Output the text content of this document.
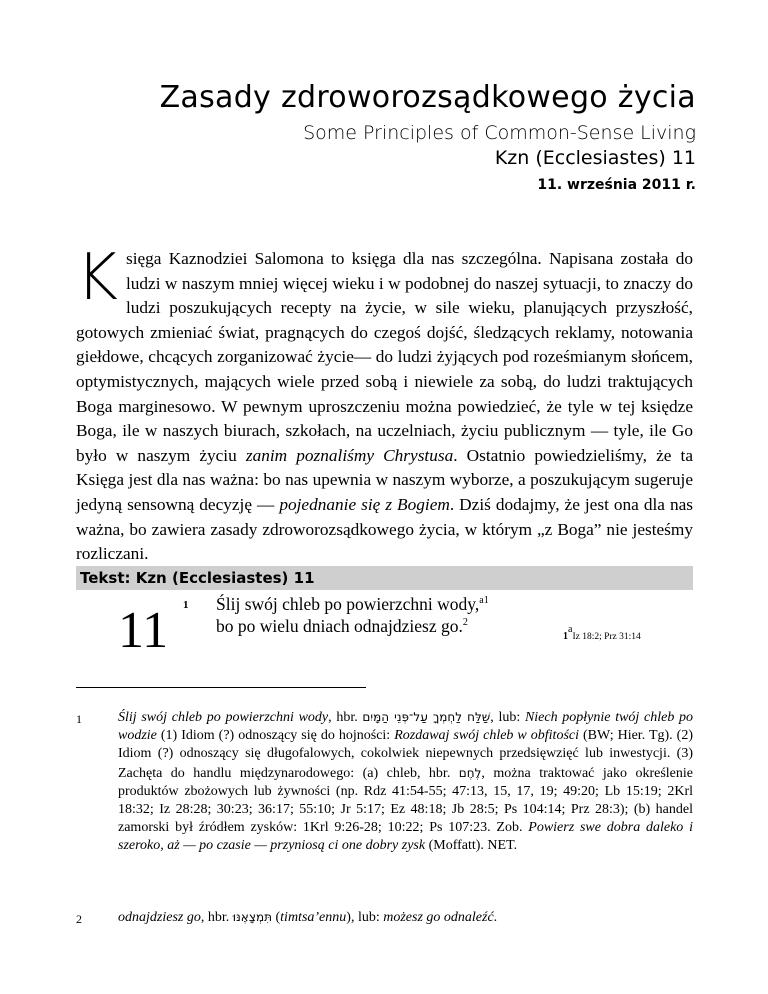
Zasady zdroworozsądkowego życia
Some Principles of Common-Sense Living
Kzn (Ecclesiastes) 11
11. września 2011 r.
Księga Kaznodziei Salomona to księga dla nas szczególna. Napisana została do ludzi w naszym mniej więcej wieku i w podobnej do naszej sytuacji, to znaczy do ludzi poszukujących recepty na życie, w sile wieku, planujących przyszłość, gotowych zmieniać świat, pragnących do czegoś dojść, śledzących reklamy, notowania giełdowe, chcących zorganizować życie— do ludzi żyjących pod roześmianym słońcem, optymistycznych, mających wiele przed sobą i niewiele za sobą, do ludzi traktujących Boga marginesowo. W pewnym uproszczeniu można powiedzieć, że tyle w tej księdze Boga, ile w naszych biurach, szkołach, na uczelniach, życiu publicznym — tyle, ile Go było w naszym życiu zanim poznaliśmy Chrystusa. Ostatnio powiedzieliśmy, że ta Księga jest dla nas ważna: bo nas upewnia w naszym wyborze, a poszukującym sugeruje jedyną sensowną decyzję — pojednanie się z Bogiem. Dziś dodajmy, że jest ona dla nas ważna, bo zawiera zasady zdroworozsądkowego życia, w którym „z Boga” nie jesteśmy rozliczani.
Tekst: Kzn (Ecclesiastes) 11
11 1 Ślij swój chleb po powierzchni wody,$^{a1}$
bo po wielu dniach odnajdziesz go.$^2$
1$^a$Iz 18:2; Prz 31:14
1	Ślij swój chleb po powierzchni wody, hbr. שַׁלַּח לַחְמְךָ עַל־פְּנֵי הַמָּיִם, lub: Niech popłynie twój chleb po wodzie (1) Idiom (?) odnoszący się do hojności: Rozdawaj swój chleb w obfitości (BW; Hier. Tg). (2) Idiom (?) odnoszący się długofalowych, cokolwiek niepewnych przedsięwzięć lub inwestycji. (3) Zachęta do handlu międzynarodowego: (a) chleb, hbr. לֶחֶם, można traktować jako określenie produktów zbożowych lub żywności (np. Rdz 41:54-55; 47:13, 15, 17, 19; 49:20; Lb 15:19; 2Krl 18:32; Iz 28:28; 30:23; 36:17; 55:10; Jr 5:17; Ez 48:18; Jb 28:5; Ps 104:14; Prz 28:3); (b) handel zamorski był źródłem zysków: 1Krl 9:26-28; 10:22; Ps 107:23. Zob. Powierz swe dobra daleko i szeroko, aż — po czasie — przyniosą ci one dobry zysk (Moffatt). NET.
2	odnajdziesz go, hbr. תִּמְצָאֶנּוּ (timtsa’ennu), lub: możesz go odnaleźć.
